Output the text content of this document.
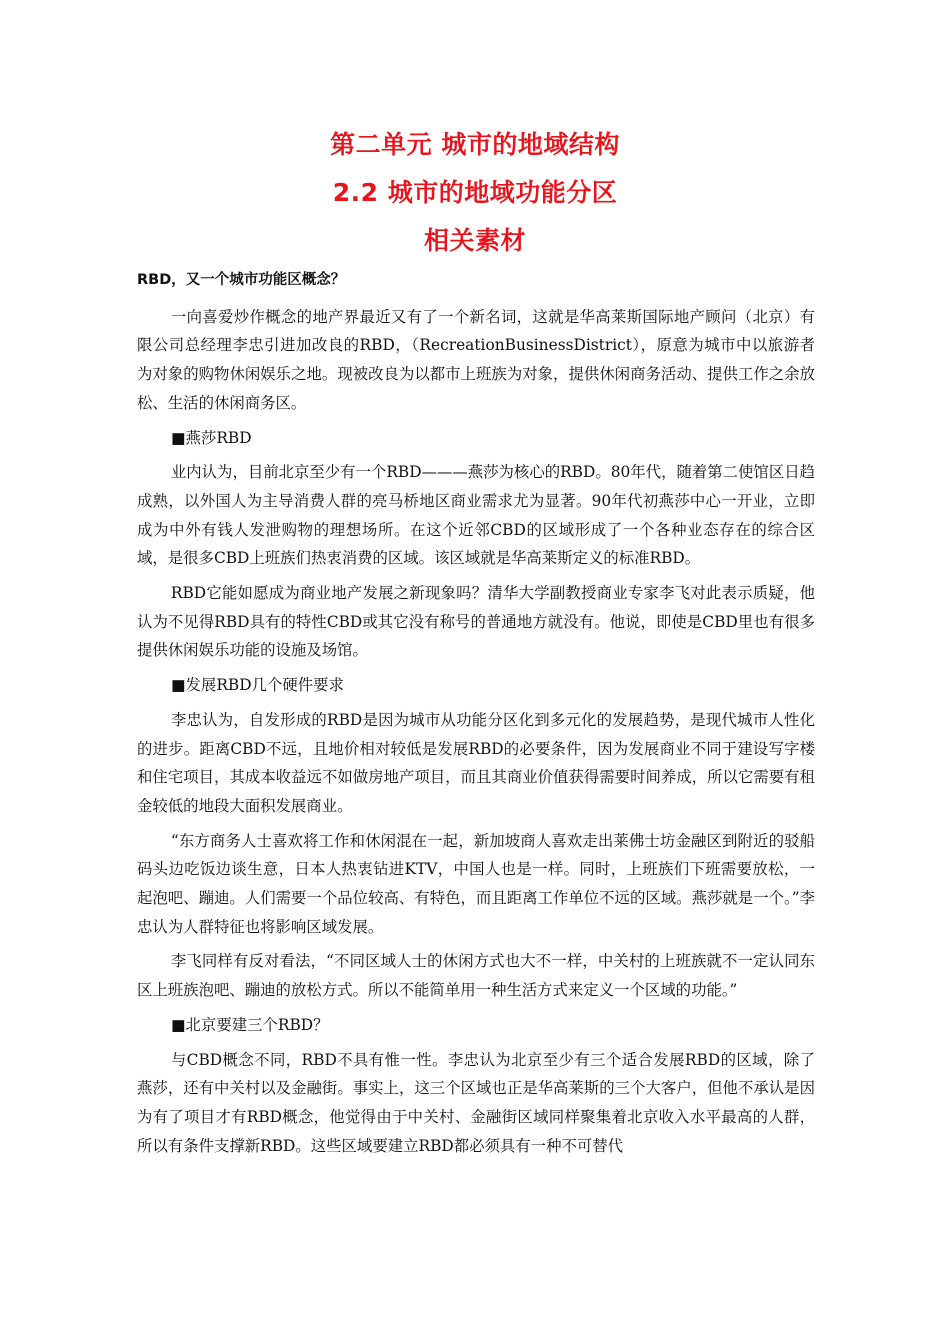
第二单元 城市的地域结构
2.2 城市的地域功能分区
相关素材

RBD，又一个城市功能区概念？

一向喜爱炒作概念的地产界最近又有了一个新名词，这就是华高莱斯国际地产顾问（北京）有限公司总经理李忠引进加改良的RBD，（RecreationBusinessDistrict），原意为城市中以旅游者为对象的购物休闲娱乐之地。现被改良为以都市上班族为对象，提供休闲商务活动、提供工作之余放松、生活的休闲商务区。

■燕莎RBD

业内认为，目前北京至少有一个RBD———燕莎为核心的RBD。80年代，随着第二使馆区日趋成熟，以外国人为主导消费人群的亮马桥地区商业需求尤为显著。90年代初燕莎中心一开业，立即成为中外有钱人发泄购物的理想场所。在这个近邻CBD的区域形成了一个各种业态存在的综合区域，是很多CBD上班族们热衷消费的区域。该区域就是华高莱斯定义的标准RBD。

RBD它能如愿成为商业地产发展之新现象吗？清华大学副教授商业专家李飞对此表示质疑，他认为不见得RBD具有的特性CBD或其它没有称号的普通地方就没有。他说，即使是CBD里也有很多提供休闲娱乐功能的设施及场馆。

■发展RBD几个硬件要求

李忠认为，自发形成的RBD是因为城市从功能分区化到多元化的发展趋势，是现代城市人性化的进步。距离CBD不远，且地价相对较低是发展RBD的必要条件，因为发展商业不同于建设写字楼和住宅项目，其成本收益远不如做房地产项目，而且其商业价值获得需要时间养成，所以它需要有租金较低的地段大面积发展商业。

“东方商务人士喜欢将工作和休闲混在一起，新加坡商人喜欢走出莱佛士坊金融区到附近的驳船码头边吃饭边谈生意，日本人热衷钻进KTV，中国人也是一样。同时，上班族们下班需要放松，一起泡吧、蹦迪。人们需要一个品位较高、有特色，而且距离工作单位不远的区域。燕莎就是一个。”李忠认为人群特征也将影响区域发展。

李飞同样有反对看法，“不同区域人士的休闲方式也大不一样，中关村的上班族就不一定认同东区上班族泡吧、蹦迪的放松方式。所以不能简单用一种生活方式来定义一个区域的功能。”

■北京要建三个RBD？

与CBD概念不同，RBD不具有惟一性。李忠认为北京至少有三个适合发展RBD的区域，除了燕莎，还有中关村以及金融街。事实上，这三个区域也正是华高莱斯的三个大客户，但他不承认是因为有了项目才有RBD概念，他觉得由于中关村、金融街区域同样聚集着北京收入水平最高的人群，所以有条件支撑新RBD。这些区域要建立RBD都必须具有一种不可替代
